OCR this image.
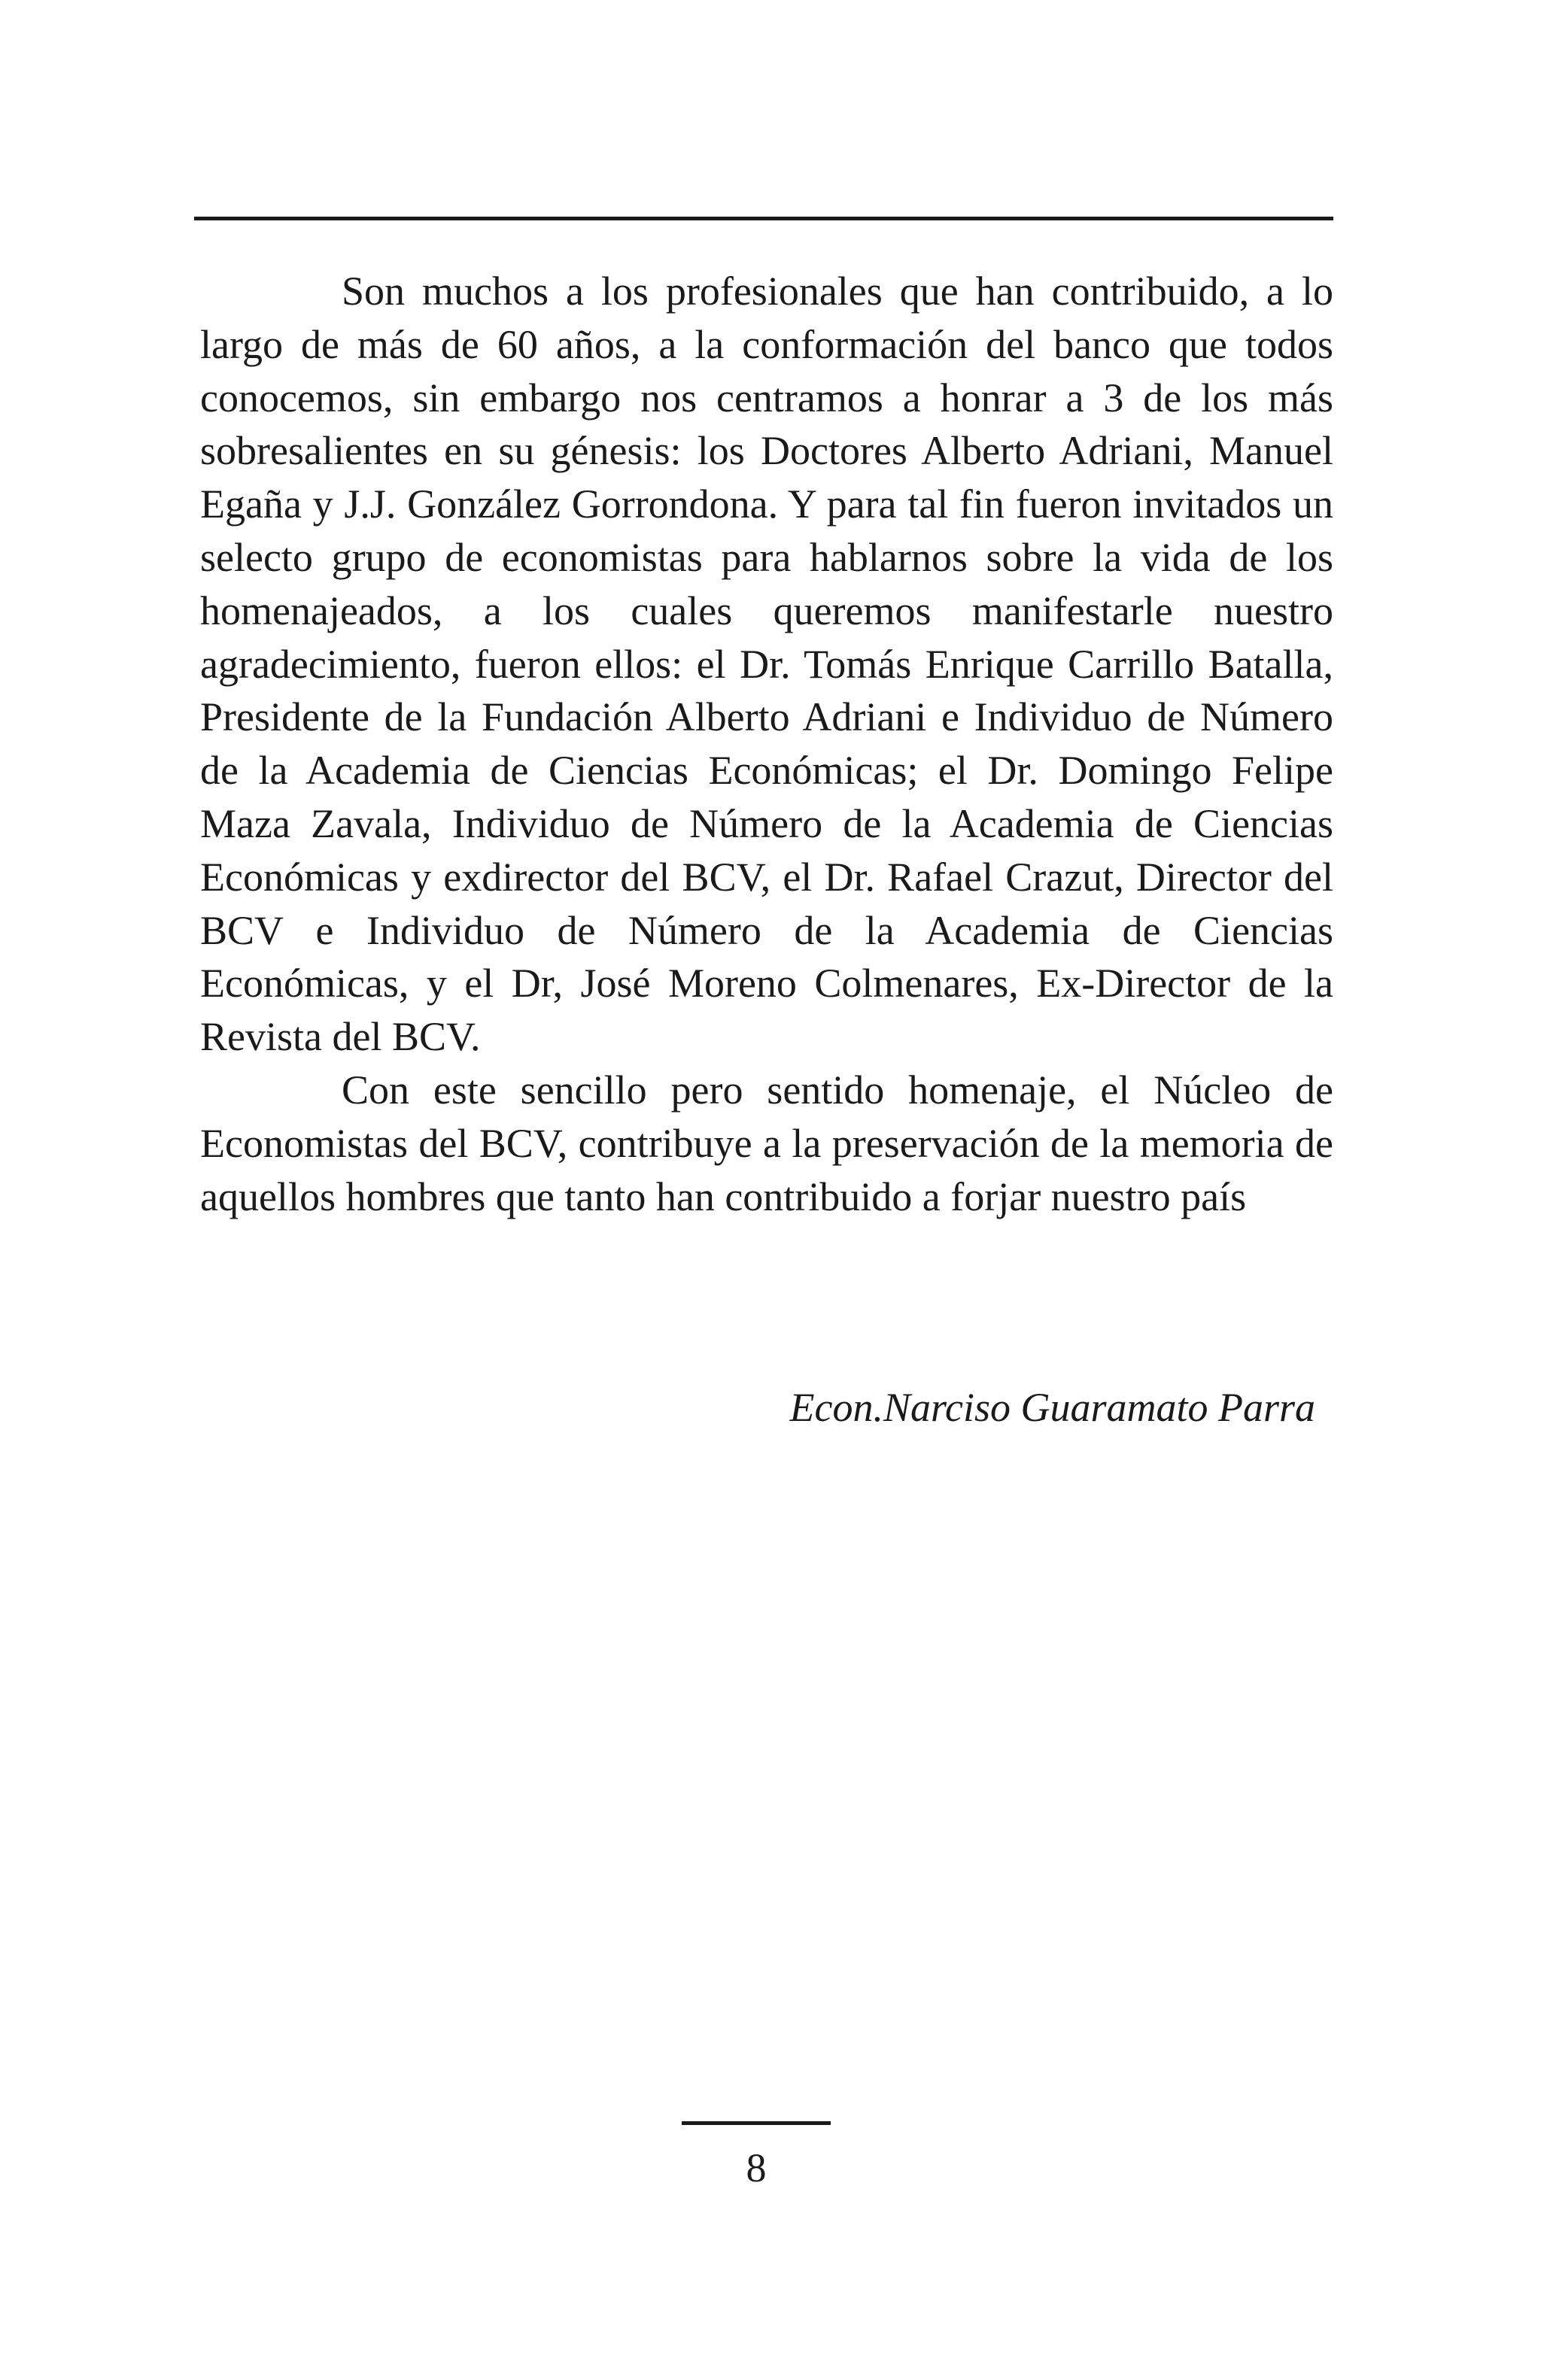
Son muchos a los profesionales que han contribuido, a lo largo de más de 60 años, a la conformación del banco que todos conocemos, sin embargo nos centramos a honrar a 3 de los más sobresalientes en su génesis: los Doctores Alberto Adriani, Manuel Egaña y J.J. González Gorrondona. Y para tal fin fueron invitados un selecto grupo de economistas para hablarnos sobre la vida de los homenajeados, a los cuales queremos manifestarle nuestro agradecimiento, fueron ellos: el Dr. Tomás Enrique Carrillo Batalla, Presidente de la Fundación Alberto Adriani e Individuo de Número de la Academia de Ciencias Económicas; el Dr. Domingo Felipe Maza Zavala, Individuo de Número de la Academia de Ciencias Económicas y exdirector del BCV, el Dr. Rafael Crazut, Director del BCV e Individuo de Número de la Academia de Ciencias Económicas, y el Dr, José Moreno Colmenares, Ex-Director de la Revista del BCV.

Con este sencillo pero sentido homenaje, el Núcleo de Economistas del BCV, contribuye a la preservación de la memoria de aquellos hombres que tanto han contribuido a forjar nuestro país

Econ.Narciso Guaramato Parra
8
